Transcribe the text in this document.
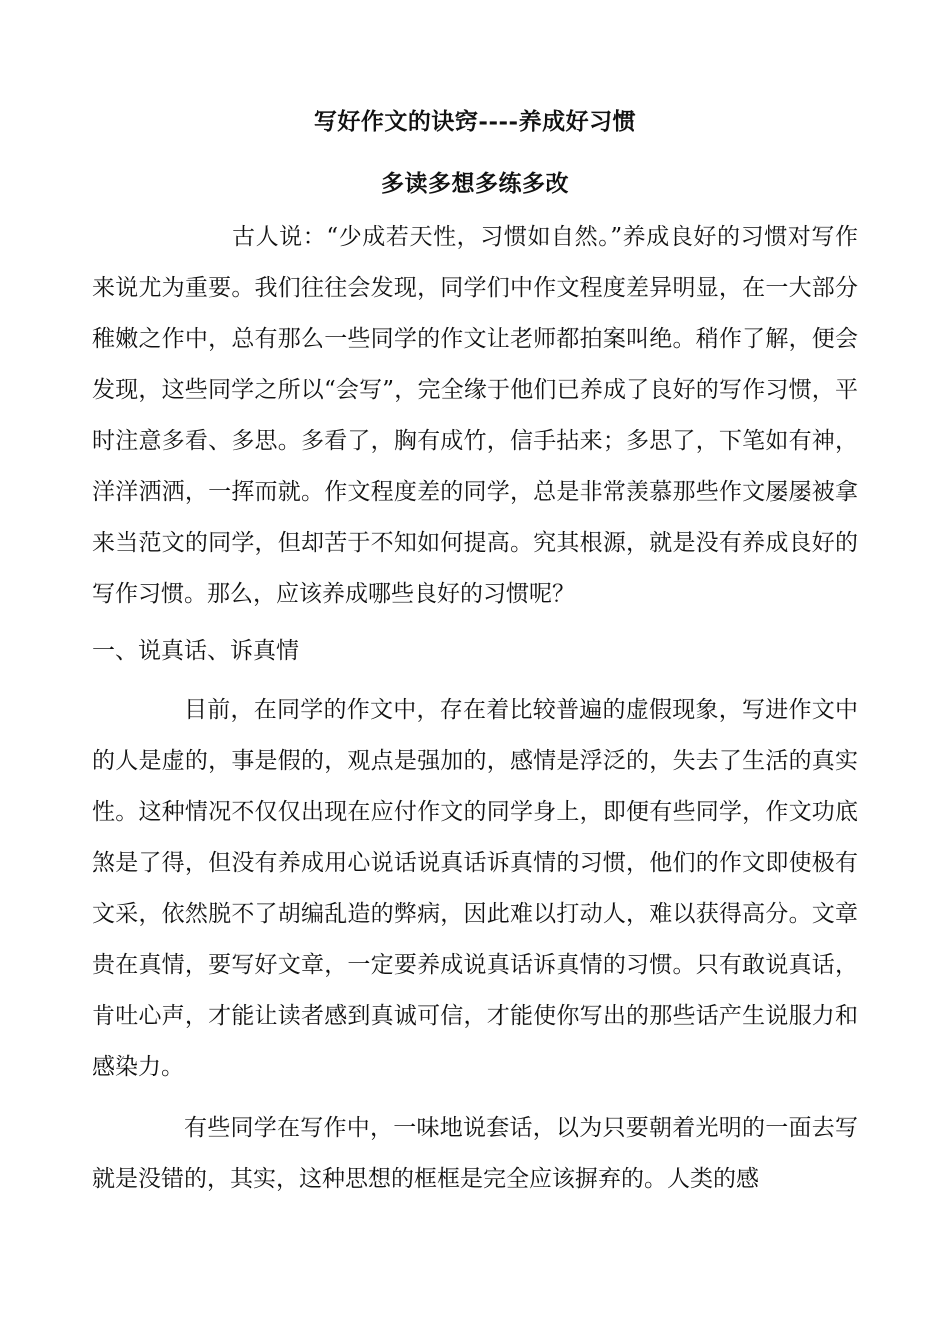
写好作文的诀窍----养成好习惯
多读多想多练多改

古人说：“少成若天性，习惯如自然。”养成良好的习惯对写作来说尤为重要。我们往往会发现，同学们中作文程度差异明显，在一大部分稚嫩之作中，总有那么一些同学的作文让老师都拍案叫绝。稍作了解，便会发现，这些同学之所以“会写”，完全缘于他们已养成了良好的写作习惯，平时注意多看、多思。多看了，胸有成竹，信手拈来；多思了，下笔如有神，洋洋洒洒，一挥而就。作文程度差的同学，总是非常羡慕那些作文屡屡被拿来当范文的同学，但却苦于不知如何提高。究其根源，就是没有养成良好的写作习惯。那么，应该养成哪些良好的习惯呢？

一、说真话、诉真情

目前，在同学的作文中，存在着比较普遍的虚假现象，写进作文中的人是虚的，事是假的，观点是强加的，感情是浮泛的，失去了生活的真实性。这种情况不仅仅出现在应付作文的同学身上，即便有些同学，作文功底煞是了得，但没有养成用心说话说真话诉真情的习惯，他们的作文即使极有文采，依然脱不了胡编乱造的弊病，因此难以打动人，难以获得高分。文章贵在真情，要写好文章，一定要养成说真话诉真情的习惯。只有敢说真话，肯吐心声，才能让读者感到真诚可信，才能使你写出的那些话产生说服力和感染力。

有些同学在写作中，一味地说套话，以为只要朝着光明的一面去写就是没错的，其实，这种思想的框框是完全应该摒弃的。人类的感
